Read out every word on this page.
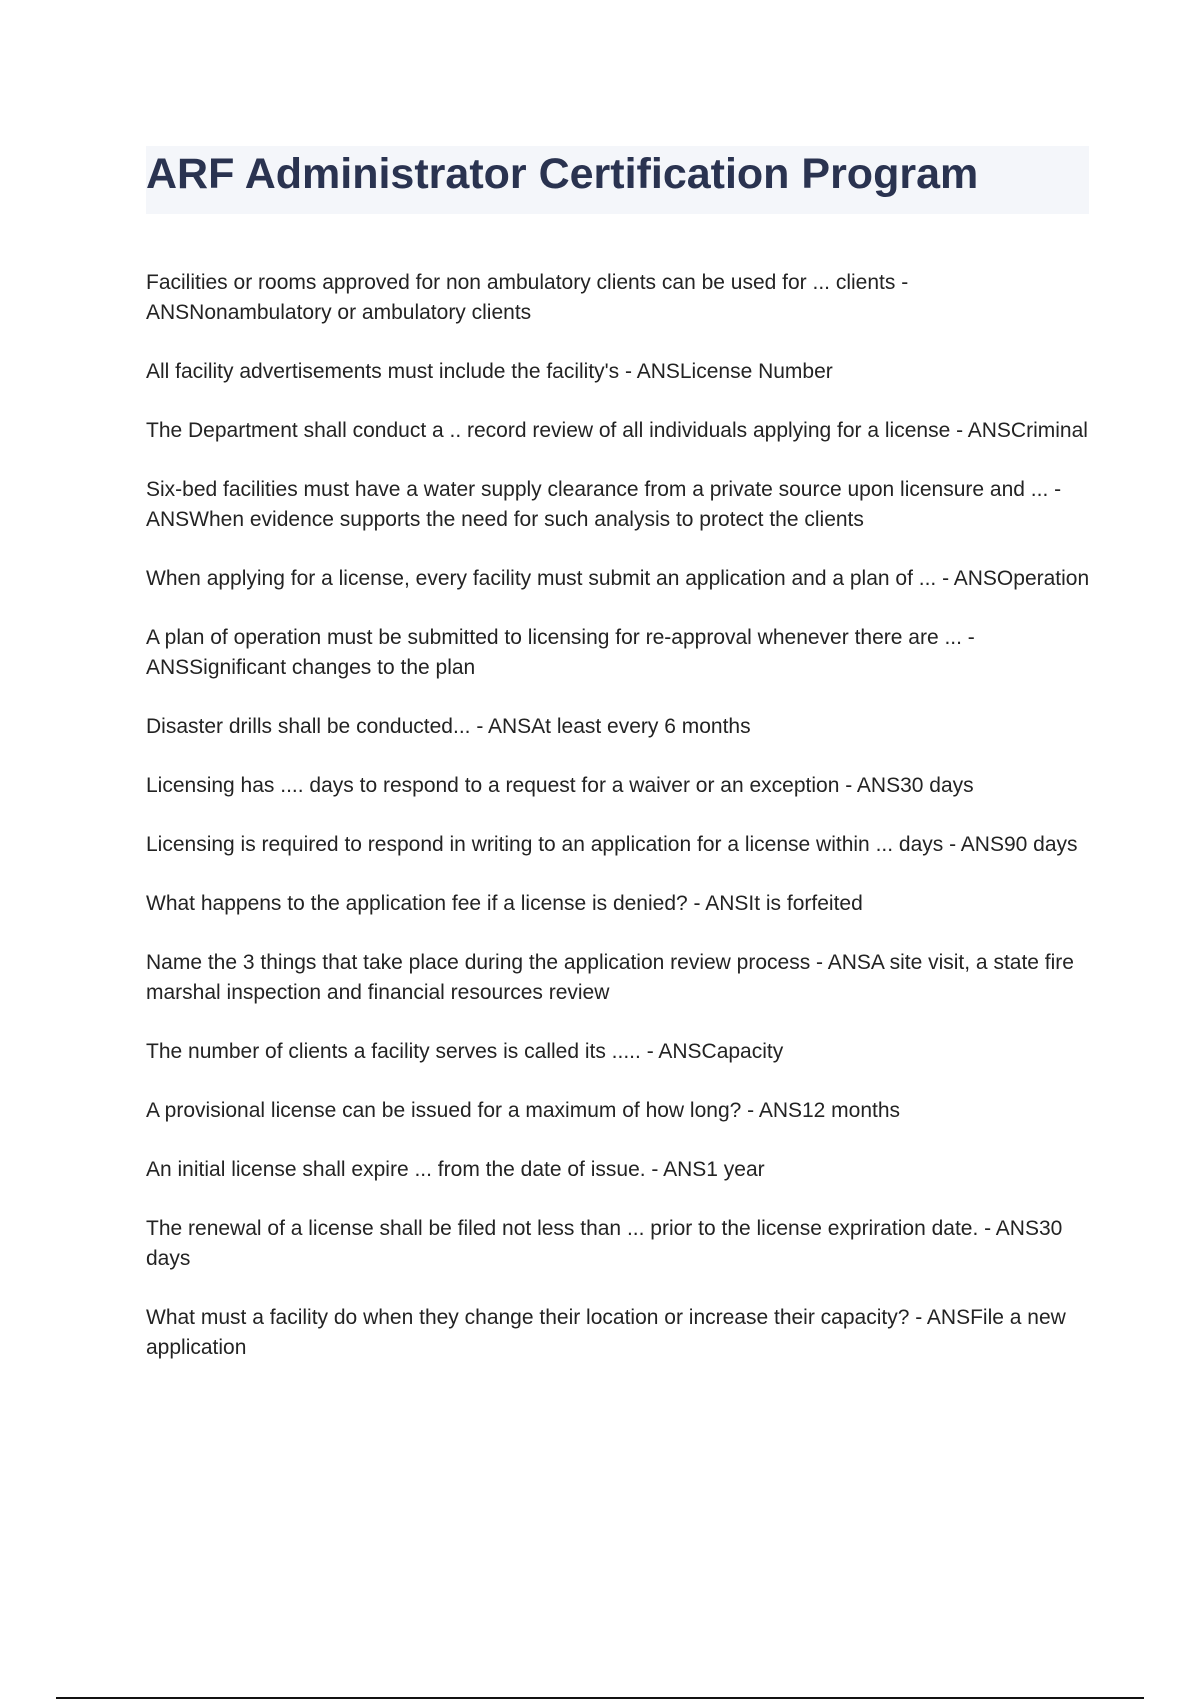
ARF Administrator Certification Program
Facilities or rooms approved for non ambulatory clients can be used for ... clients - ANSNonambulatory or ambulatory clients
All facility advertisements must include the facility's - ANSLicense Number
The Department shall conduct a .. record review of all individuals applying for a license - ANSCriminal
Six-bed facilities must have a water supply clearance from a private source upon licensure and ... - ANSWhen evidence supports the need for such analysis to protect the clients
When applying for a license, every facility must submit an application and a plan of ... - ANSOperation
A plan of operation must be submitted to licensing for re-approval whenever there are ... - ANSSignificant changes to the plan
Disaster drills shall be conducted... - ANSAt least every 6 months
Licensing has .... days to respond to a request for a waiver or an exception - ANS30 days
Licensing is required to respond in writing to an application for a license within ... days - ANS90 days
What happens to the application fee if a license is denied? - ANSIt is forfeited
Name the 3 things that take place during the application review process - ANSA site visit, a state fire marshal inspection and financial resources review
The number of clients a facility serves is called its ..... - ANSCapacity
A provisional license can be issued for a maximum of how long? - ANS12 months
An initial license shall expire ... from the date of issue. - ANS1 year
The renewal of a license shall be filed not less than ... prior to the license expriration date. - ANS30 days
What must a facility do when they change their location or increase their capacity? - ANSFile a new application
